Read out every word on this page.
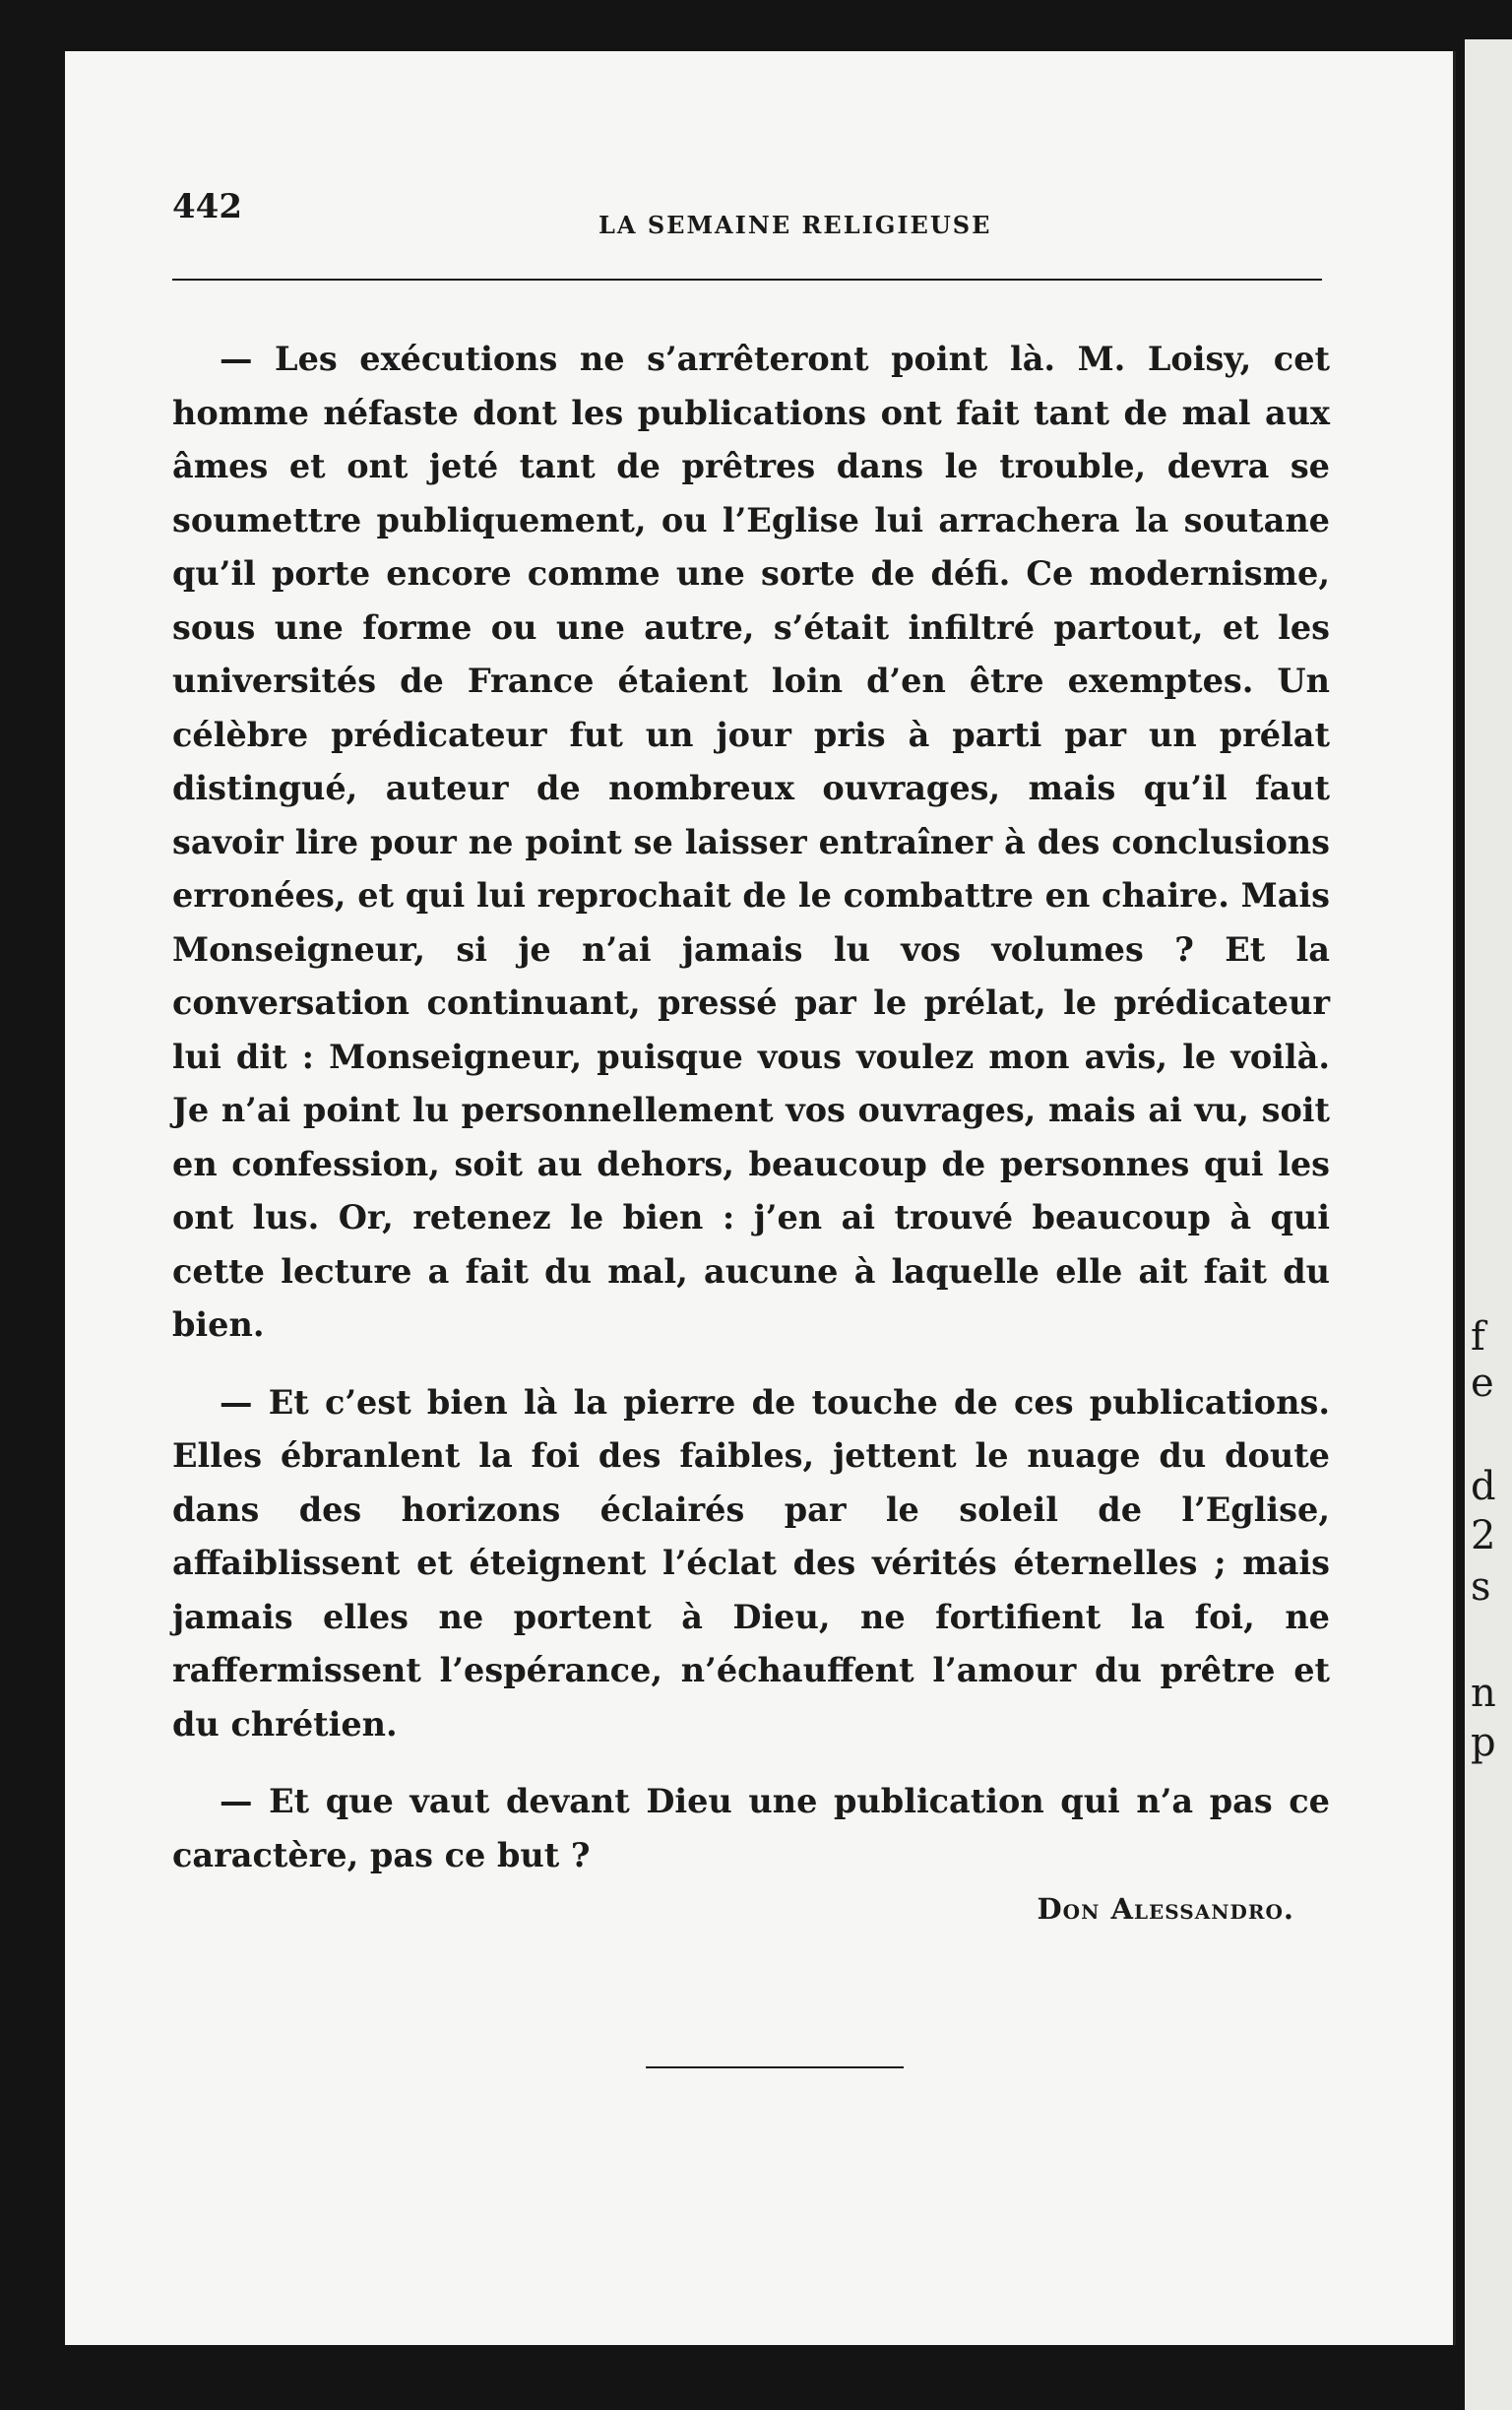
f
e
d
2
s
n
p
442	LA SEMAINE RELIGIEUSE

— Les exécutions ne s’arrêteront point là. M. Loisy, cet homme néfaste dont les publications ont fait tant de mal aux âmes et ont jeté tant de prêtres dans le trouble, devra se soumettre publiquement, ou l’Eglise lui arrachera la soutane qu’il porte encore comme une sorte de défi. Ce modernisme, sous une forme ou une autre, s’était infiltré partout, et les universités de France étaient loin d’en être exemptes. Un célèbre prédicateur fut un jour pris à parti par un prélat distingué, auteur de nombreux ouvrages, mais qu’il faut savoir lire pour ne point se laisser entraîner à des conclusions erronées, et qui lui reprochait de le combattre en chaire. Mais Monseigneur, si je n’ai jamais lu vos volumes ? Et la conversation continuant, pressé par le prélat, le prédicateur lui dit : Monseigneur, puisque vous voulez mon avis, le voilà. Je n’ai point lu personnellement vos ouvrages, mais ai vu, soit en confession, soit au dehors, beaucoup de personnes qui les ont lus. Or, retenez le bien : j’en ai trouvé beaucoup à qui cette lecture a fait du mal, aucune à laquelle elle ait fait du bien.

— Et c’est bien là la pierre de touche de ces publications. Elles ébranlent la foi des faibles, jettent le nuage du doute dans des horizons éclairés par le soleil de l’Eglise, affaiblissent et éteignent l’éclat des vérités éternelles ; mais jamais elles ne portent à Dieu, ne fortifient la foi, ne raffermissent l’espérance, n’échauffent l’amour du prêtre et du chrétien.

— Et que vaut devant Dieu une publication qui n’a pas ce caractère, pas ce but ?

Don Alessandro.
